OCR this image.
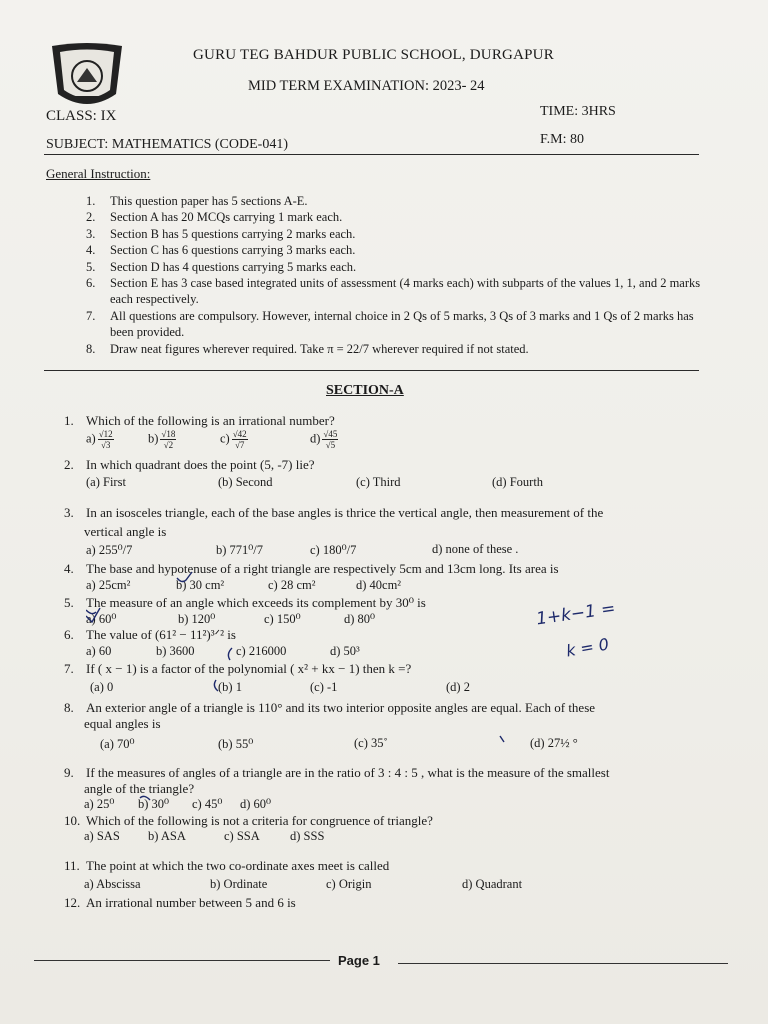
GURU TEG BAHDUR PUBLIC SCHOOL, DURGAPUR
MID TERM EXAMINATION: 2023- 24
CLASS: IX	TIME: 3HRS
SUBJECT: MATHEMATICS (CODE-041)	F.M: 80
General Instruction:
1. This question paper has 5 sections A-E.
2. Section A has 20 MCQs carrying 1 mark each.
3. Section B has 5 questions carrying 2 marks each.
4. Section C has 6 questions carrying 3 marks each.
5. Section D has 4 questions carrying 5 marks each.
6. Section E has 3 case based integrated units of assessment (4 marks each) with subparts of the values 1, 1, and 2 marks each respectively.
7. All questions are compulsory. However, internal choice in 2 Qs of 5 marks, 3 Qs of 3 marks and 1 Qs of 2 marks has been provided.
8. Draw neat figures wherever required. Take π = 22/7 wherever required if not stated.
SECTION-A
1. Which of the following is an irrational number?
$a) \frac{√12}{√3}$	$b) \frac{√18}{√2}$	$c) \frac{√42}{√7}$	$d) \frac{√45}{√5}$
2. In which quadrant does the point (5, -7) lie?
(a) First	(b) Second	(c) Third	(d) Fourth
3. In an isosceles triangle, each of the base angles is thrice the vertical angle, then measurement of the
vertical angle is
a) 255⁰/7	b) 771⁰/7	c) 180⁰/7	d) none of these .
4. The base and hypotenuse of a right triangle are respectively 5cm and 13cm long. Its area is
a) 25cm²	b) 30 cm²	c) 28 cm²	d) 40cm²
5. The measure of an angle which exceeds its complement by 30⁰ is
a) 60⁰	b) 120⁰	c) 150⁰	d) 80⁰
6. The value of (61² − 11²)³ᐟ² is
a) 60	b) 3600	c) 216000	d) 50³
7. If ( x − 1) is a factor of the polynomial ( x² + kx − 1) then k =?
(a) 0	(b) 1	(c) -1	(d) 2
8. An exterior angle of a triangle is 110° and its two interior opposite angles are equal. Each of these
equal angles is
(a) 70⁰	(b) 55⁰	(c) 35˚	(d) 27½ °
9. If the measures of angles of a triangle are in the ratio of 3 : 4 : 5 , what is the measure of the smallest
angle of the triangle?
a) 25⁰ b) 30⁰ c) 45⁰ d) 60⁰
10. Which of the following is not a criteria for congruence of triangle?
a) SAS b) ASA	c) SSA d) SSS
11. The point at which the two co-ordinate axes meet is called
a) Abscissa	b) Ordinate	c) Origin	d) Quadrant
12. An irrational number between 5 and 6 is
1+k−1 =
k = 0
Page 1
